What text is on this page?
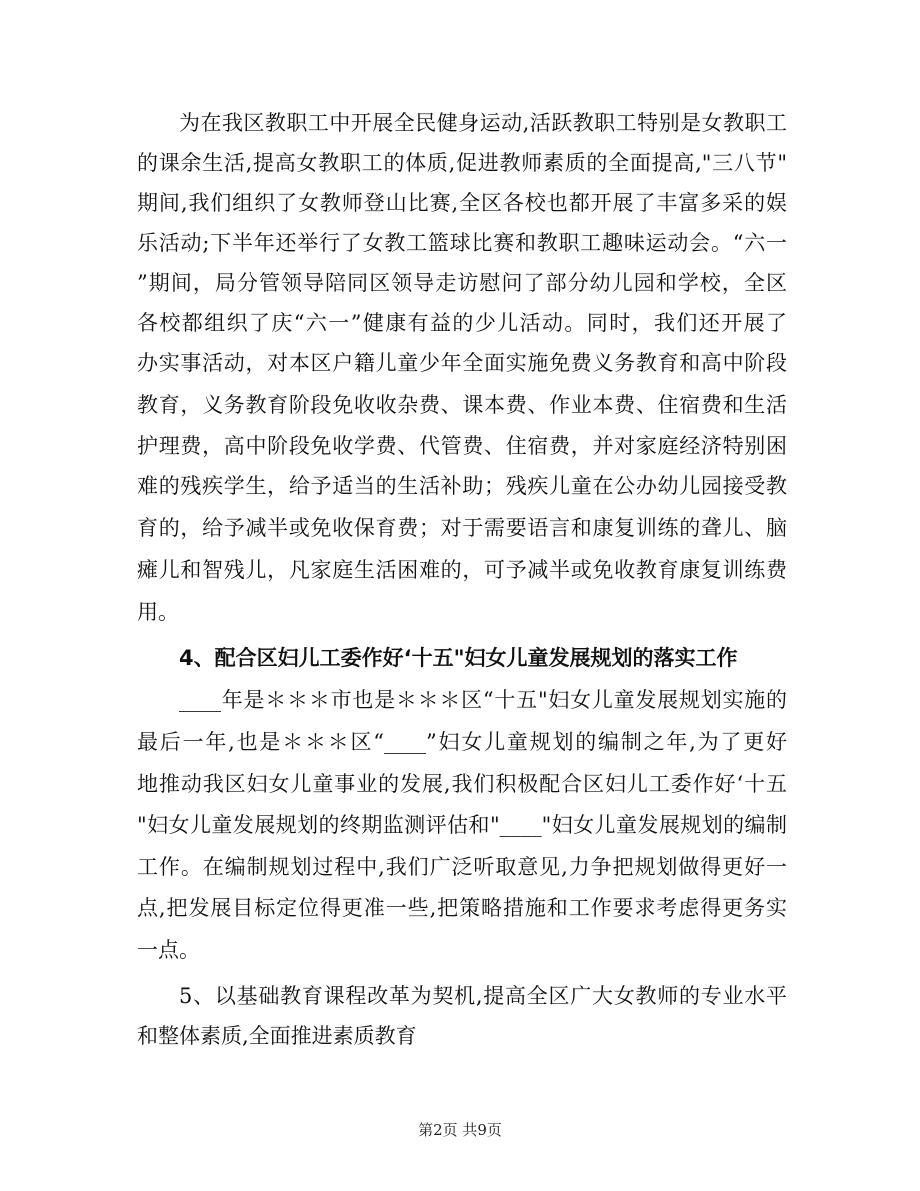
为在我区教职工中开展全民健身运动,活跃教职工特别是女教职工
的课余生活,提高女教职工的体质,促进教师素质的全面提高,"三八节"
期间,我们组织了女教师登山比赛,全区各校也都开展了丰富多采的娱
乐活动;下半年还举行了女教工篮球比赛和教职工趣味运动会。“六一
”期间，局分管领导陪同区领导走访慰问了部分幼儿园和学校，全区
各校都组织了庆“六一”健康有益的少儿活动。同时，我们还开展了
办实事活动，对本区户籍儿童少年全面实施免费义务教育和高中阶段
教育，义务教育阶段免收收杂费、课本费、作业本费、住宿费和生活
护理费，高中阶段免收学费、代管费、住宿费，并对家庭经济特别困
难的残疾学生，给予适当的生活补助；残疾儿童在公办幼儿园接受教
育的，给予减半或免收保育费；对于需要语言和康复训练的聋儿、脑
瘫儿和智残儿，凡家庭生活困难的，可予减半或免收教育康复训练费
用。
4、配合区妇儿工委作好‘十五"妇女儿童发展规划的落实工作
____年是＊＊＊市也是＊＊＊区“十五"妇女儿童发展规划实施的
最后一年,也是＊＊＊区“____”妇女儿童规划的编制之年,为了更好
地推动我区妇女儿童事业的发展,我们积极配合区妇儿工委作好‘十五
"妇女儿童发展规划的终期监测评估和"____"妇女儿童发展规划的编制
工作。在编制规划过程中,我们广泛听取意见,力争把规划做得更好一
点,把发展目标定位得更准一些,把策略措施和工作要求考虑得更务实
一点。
5、以基础教育课程改革为契机,提高全区广大女教师的专业水平
和整体素质,全面推进素质教育
第2页 共9页
